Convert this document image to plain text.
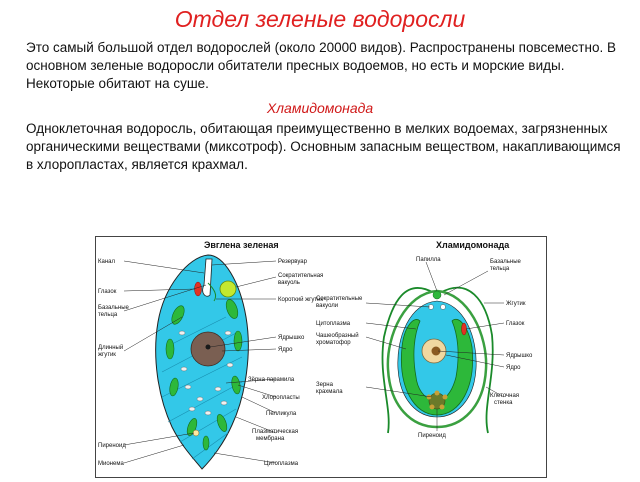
Отдел зеленые водоросли

Это самый большой отдел водорослей (около 20000 видов). Распространены повсеместно. В основном зеленые водоросли обитатели пресных водоемов, но есть и морские виды. Некоторые обитают на суше.

Хламидомонада

Одноклеточная водоросль, обитающая преимущественно в мелких водоемах, загрязненных органическими веществами (миксотроф). Основным запасным веществом, накапливающимся в хлоропластах, является крахмал.

Эвглена зеленая
Канал
Глазок
Базальные
тельца
Длинный
жгутик
Пиреноид
Мионема
Резервуар
Сократительная
вакуоль
Короткий жгутик
Ядрышко
Ядро
Зёрна парамила
Хлоропласты
Пелликула
Плазматическая
мембрана
Цитоплазма
Хламидомонада
Папилла
Сократительные
вакуоли
Цитоплазма
Чашеобразный
хроматофор
Зерна
крахмала
Пиреноид
Базальные
тельца
Жгутик
Глазок
Ядрышко
Ядро
Клеточная
стенка
